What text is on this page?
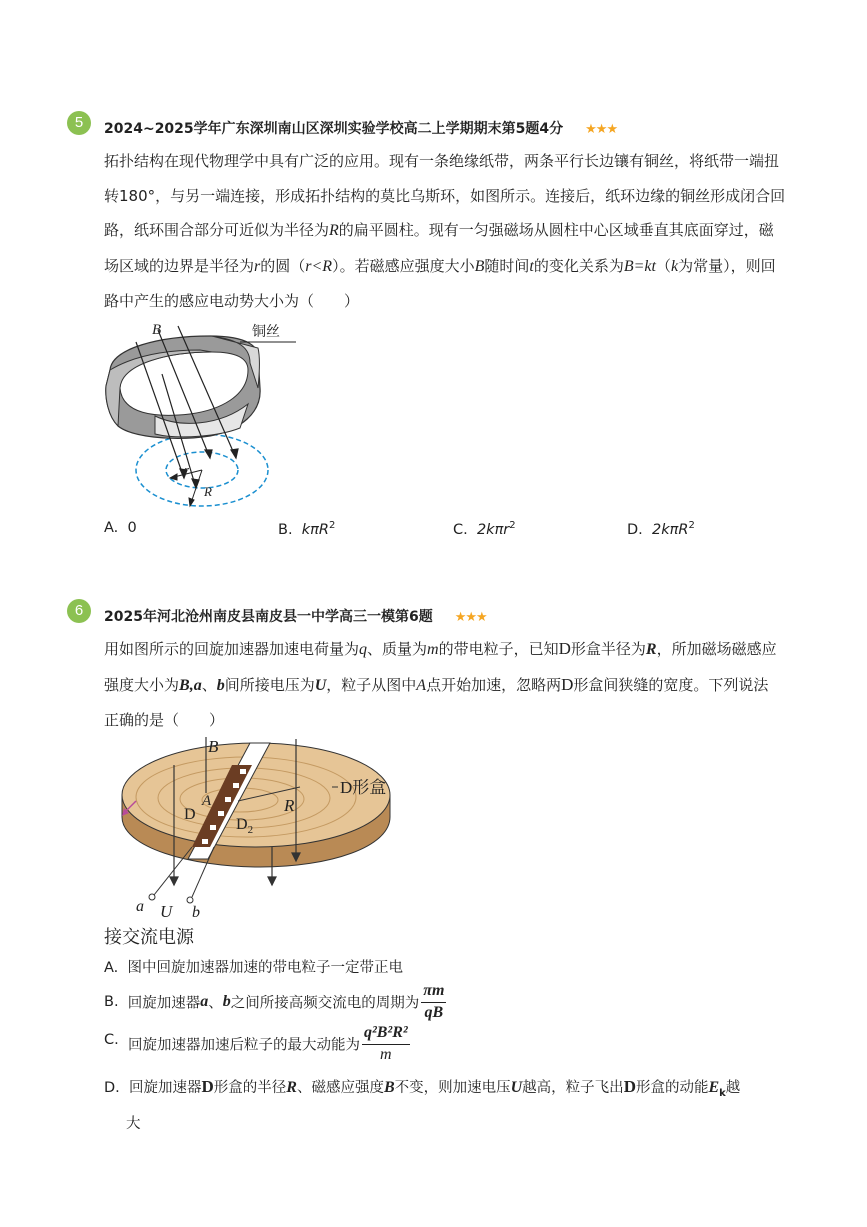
5	2024~2025学年广东深圳南山区深圳实验学校高二上学期期末第5题4分 ★★★
拓扑结构在现代物理学中具有广泛的应用。现有一条绝缘纸带，两条平行长边镶有铜丝，将纸带一端扭
转180°，与另一端连接，形成拓扑结构的莫比乌斯环，如图所示。连接后，纸环边缘的铜丝形成闭合回
路，纸环围合部分可近似为半径为R的扁平圆柱。现有一匀强磁场从圆柱中心区域垂直其底面穿过，磁
场区域的边界是半径为r的圆（r<R）。若磁感应强度大小B随时间t的变化关系为B=kt（k为常量），则回
路中产生的感应电动势大小为（　　）
B	铜丝
r
R
A. 0	B. kπR$^2$	C. 2kπr$^2$	D. 2kπR$^2$
6	2025年河北沧州南皮县南皮县一中学高三一模第6题 ★★★
用如图所示的回旋加速器加速电荷量为q、质量为m的带电粒子，已知D形盒半径为R，所加磁场磁感应
强度大小为B,a、b间所接电压为U，粒子从图中A点开始加速，忽略两D形盒间狭缝的宽度。下列说法
正确的是（　　）
B
D形盒
A	R
D
$D_2$
a U b
接交流电源
A. 图中回旋加速器加速的带电粒子一定带正电
B. 回旋加速器a、b之间所接高频交流电的周期为 $\frac{\pi m}{qB}$
C. 回旋加速器加速后粒子的最大动能为 $\frac{\text{q²B²R²}}{m}$
D. 回旋加速器D形盒的半径R、磁感应强度B不变，则加速电压U越高，粒子飞出D形盒的动能$E_k$越
大
